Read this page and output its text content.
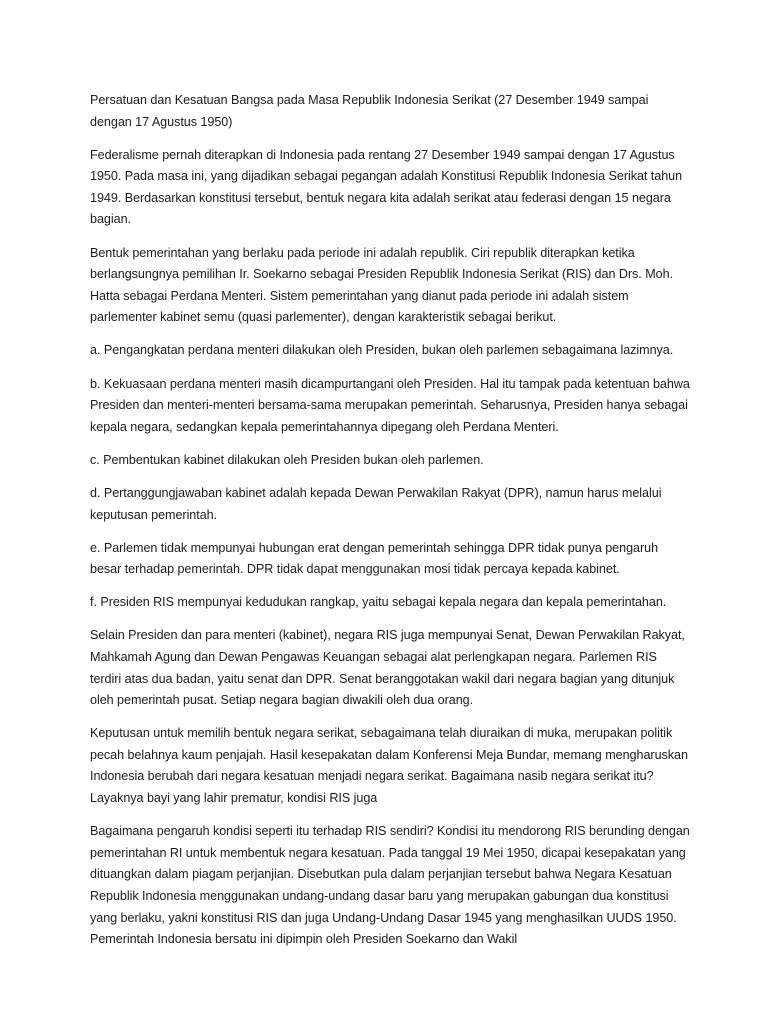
Persatuan dan Kesatuan Bangsa pada Masa Republik Indonesia Serikat (27 Desember 1949 sampai dengan 17 Agustus 1950)

Federalisme pernah diterapkan di Indonesia pada rentang 27 Desember 1949 sampai dengan 17 Agustus 1950. Pada masa ini, yang dijadikan sebagai pegangan adalah Konstitusi Republik Indonesia Serikat tahun 1949. Berdasarkan konstitusi tersebut, bentuk negara kita adalah serikat atau federasi dengan 15 negara bagian.

Bentuk pemerintahan yang berlaku pada periode ini adalah republik. Ciri republik diterapkan ketika berlangsungnya pemilihan Ir. Soekarno sebagai Presiden Republik Indonesia Serikat (RIS) dan Drs. Moh. Hatta sebagai Perdana Menteri. Sistem pemerintahan yang dianut pada periode ini adalah sistem parlementer kabinet semu (quasi parlementer), dengan karakteristik sebagai berikut.

a. Pengangkatan perdana menteri dilakukan oleh Presiden, bukan oleh parlemen sebagaimana lazimnya.

b. Kekuasaan perdana menteri masih dicampurtangani oleh Presiden. Hal itu tampak pada ketentuan bahwa Presiden dan menteri-menteri bersama-sama merupakan pemerintah. Seharusnya, Presiden hanya sebagai kepala negara, sedangkan kepala pemerintahannya dipegang oleh Perdana Menteri.

c. Pembentukan kabinet dilakukan oleh Presiden bukan oleh parlemen.

d. Pertanggungjawaban kabinet adalah kepada Dewan Perwakilan Rakyat (DPR), namun harus melalui keputusan pemerintah.

e. Parlemen tidak mempunyai hubungan erat dengan pemerintah sehingga DPR tidak punya pengaruh besar terhadap pemerintah. DPR tidak dapat menggunakan mosi tidak percaya kepada kabinet.

f. Presiden RIS mempunyai kedudukan rangkap, yaitu sebagai kepala negara dan kepala pemerintahan.

Selain Presiden dan para menteri (kabinet), negara RIS juga mempunyai Senat, Dewan Perwakilan Rakyat, Mahkamah Agung dan Dewan Pengawas Keuangan sebagai alat perlengkapan negara. Parlemen RIS terdiri atas dua badan, yaitu senat dan DPR. Senat beranggotakan wakil dari negara bagian yang ditunjuk oleh pemerintah pusat. Setiap negara bagian diwakili oleh dua orang.

Keputusan untuk memilih bentuk negara serikat, sebagaimana telah diuraikan di muka, merupakan politik pecah belahnya kaum penjajah. Hasil kesepakatan dalam Konferensi Meja Bundar, memang mengharuskan Indonesia berubah dari negara kesatuan menjadi negara serikat. Bagaimana nasib negara serikat itu? Layaknya bayi yang lahir prematur, kondisi RIS juga

Bagaimana pengaruh kondisi seperti itu terhadap RIS sendiri? Kondisi itu mendorong RIS berunding dengan pemerintahan RI untuk membentuk negara kesatuan. Pada tanggal 19 Mei 1950, dicapai kesepakatan yang dituangkan dalam piagam perjanjian. Disebutkan pula dalam perjanjian tersebut bahwa Negara Kesatuan Republik Indonesia menggunakan undang-undang dasar baru yang merupakan gabungan dua konstitusi yang berlaku, yakni konstitusi RIS dan juga Undang-Undang Dasar 1945 yang menghasilkan UUDS 1950. Pemerintah Indonesia bersatu ini dipimpin oleh Presiden Soekarno dan Wakil
